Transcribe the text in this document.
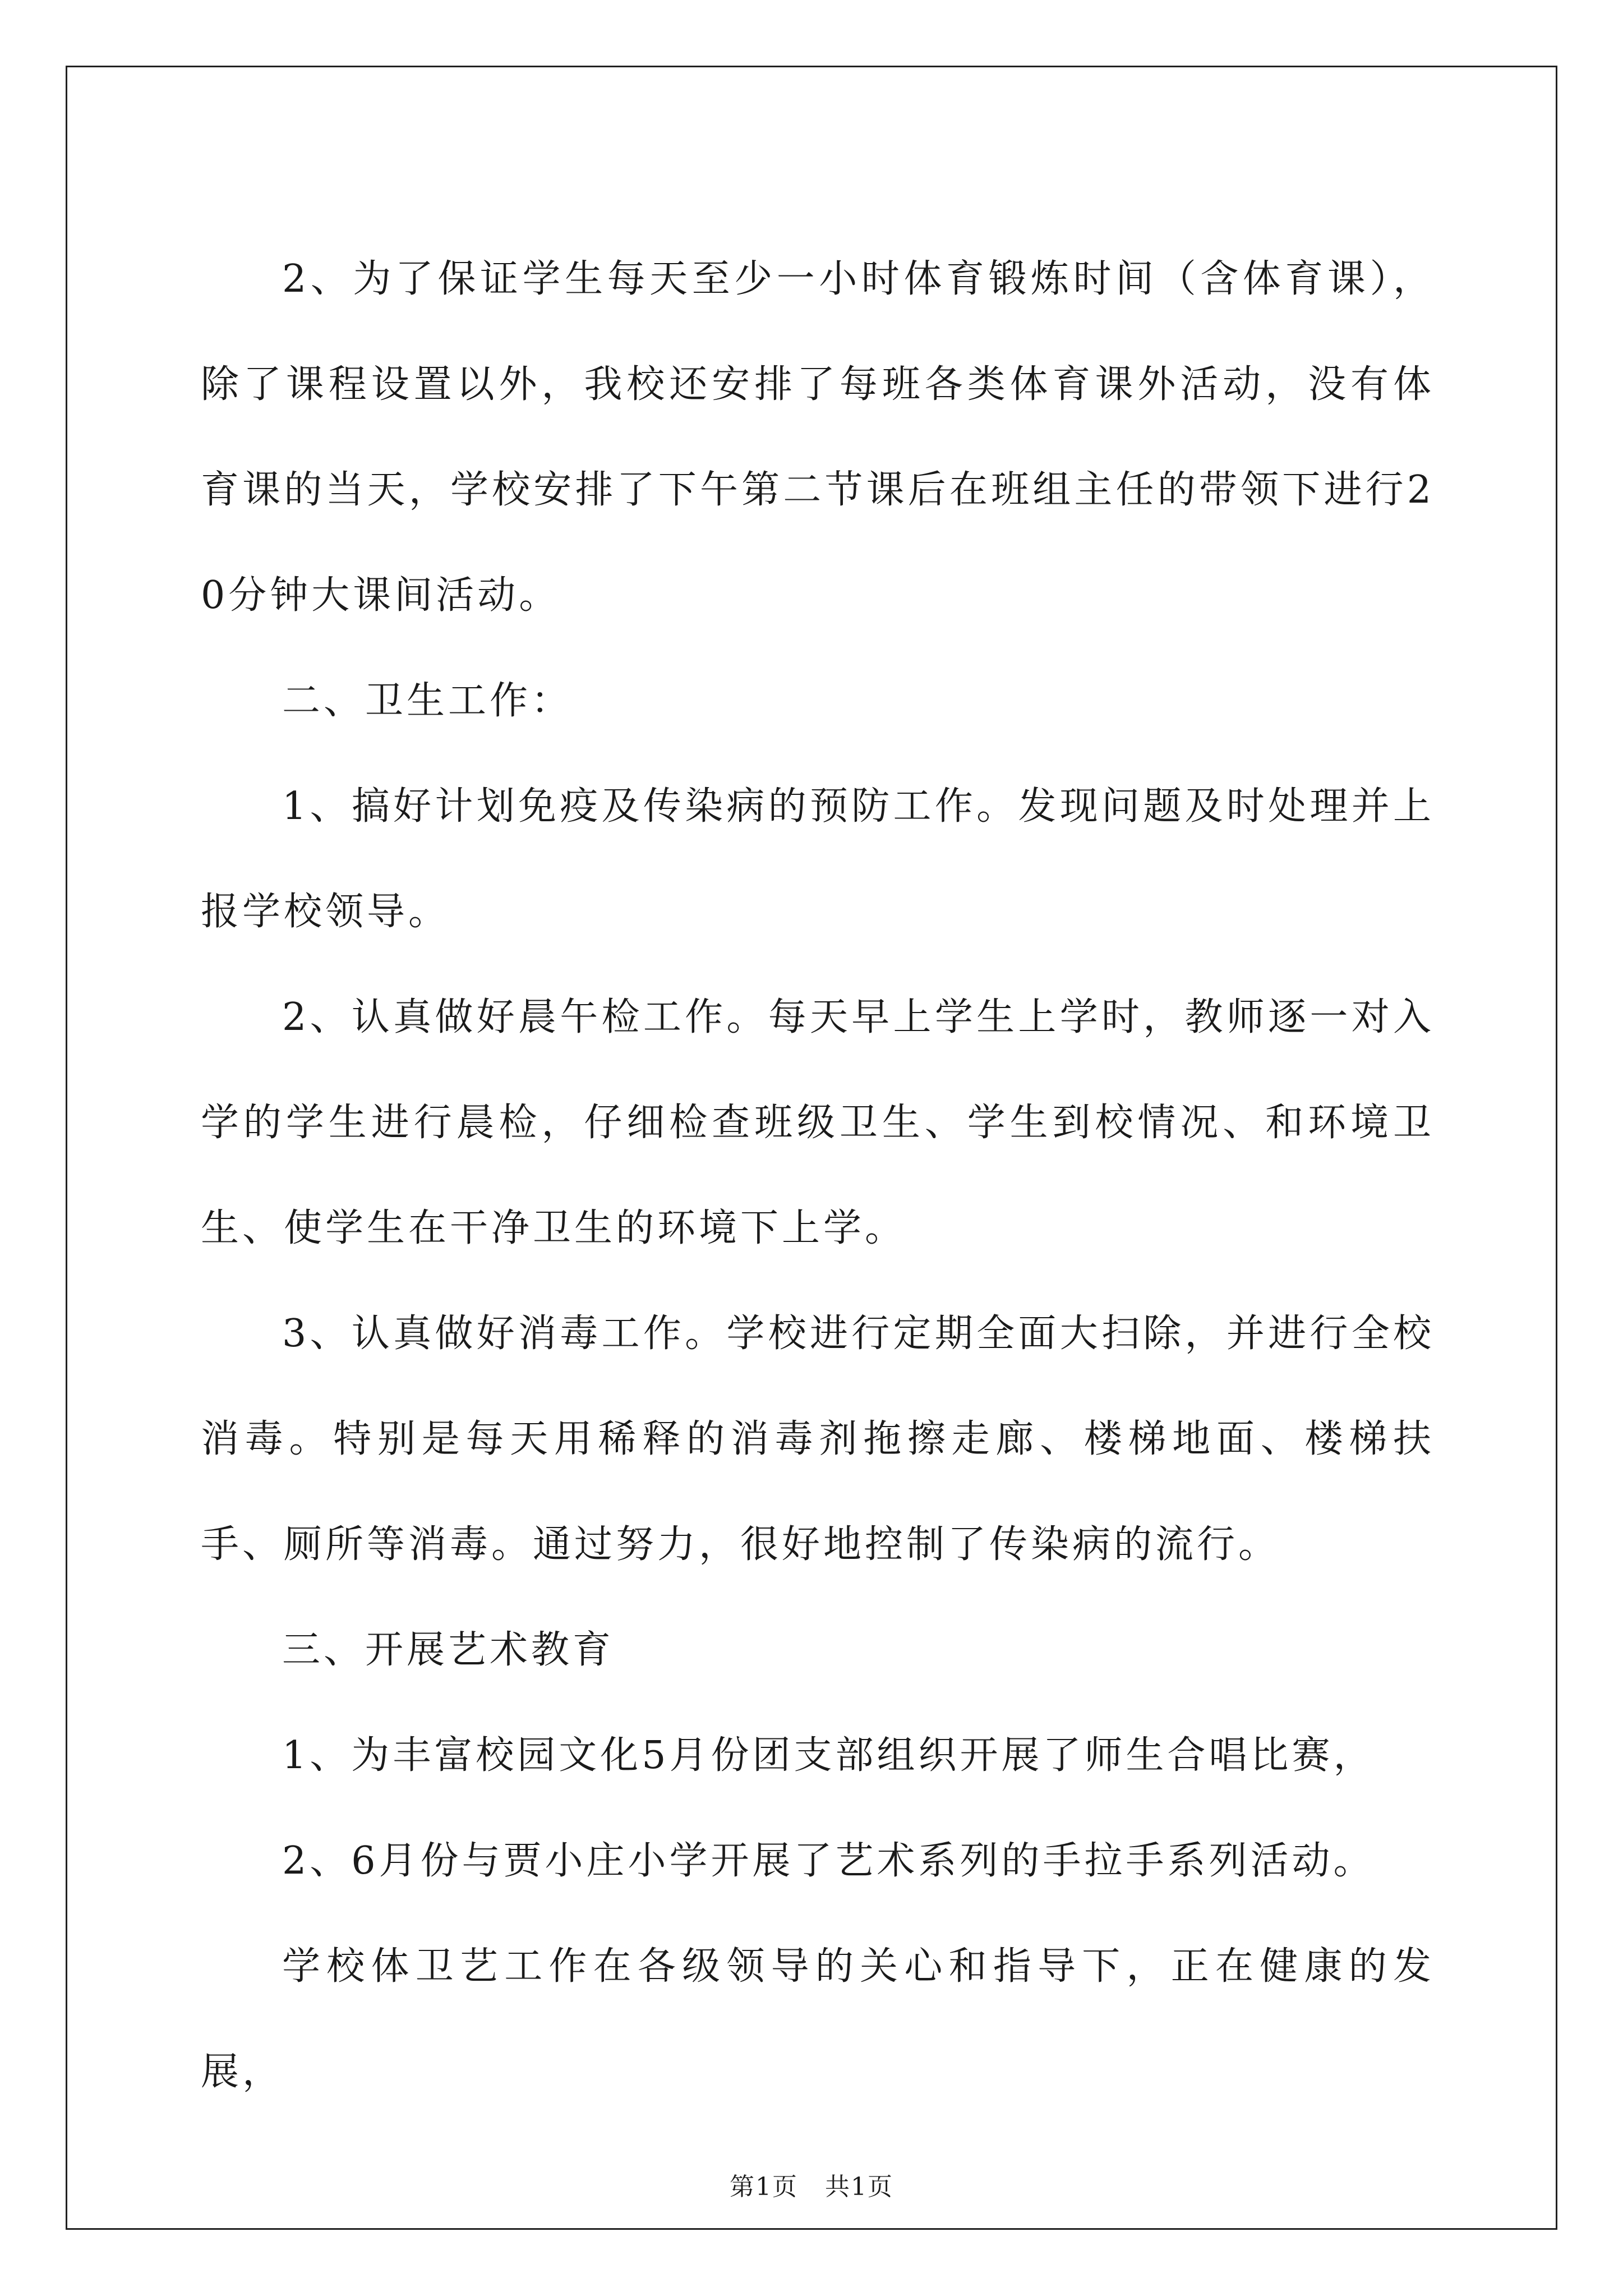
2、为了保证学生每天至少一小时体育锻炼时间（含体育课），除了课程设置以外，我校还安排了每班各类体育课外活动，没有体育课的当天，学校安排了下午第二节课后在班组主任的带领下进行20分钟大课间活动。

二、卫生工作：

1、搞好计划免疫及传染病的预防工作。发现问题及时处理并上报学校领导。

2、认真做好晨午检工作。每天早上学生上学时，教师逐一对入学的学生进行晨检，仔细检查班级卫生、学生到校情况、和环境卫生、使学生在干净卫生的环境下上学。

3、认真做好消毒工作。学校进行定期全面大扫除，并进行全校消毒。特别是每天用稀释的消毒剂拖擦走廊、楼梯地面、楼梯扶手、厕所等消毒。通过努力，很好地控制了传染病的流行。

三、开展艺术教育

1、为丰富校园文化5月份团支部组织开展了师生合唱比赛，

2、6月份与贾小庄小学开展了艺术系列的手拉手系列活动。

学校体卫艺工作在各级领导的关心和指导下，正在健康的发展，

第1页 共1页
